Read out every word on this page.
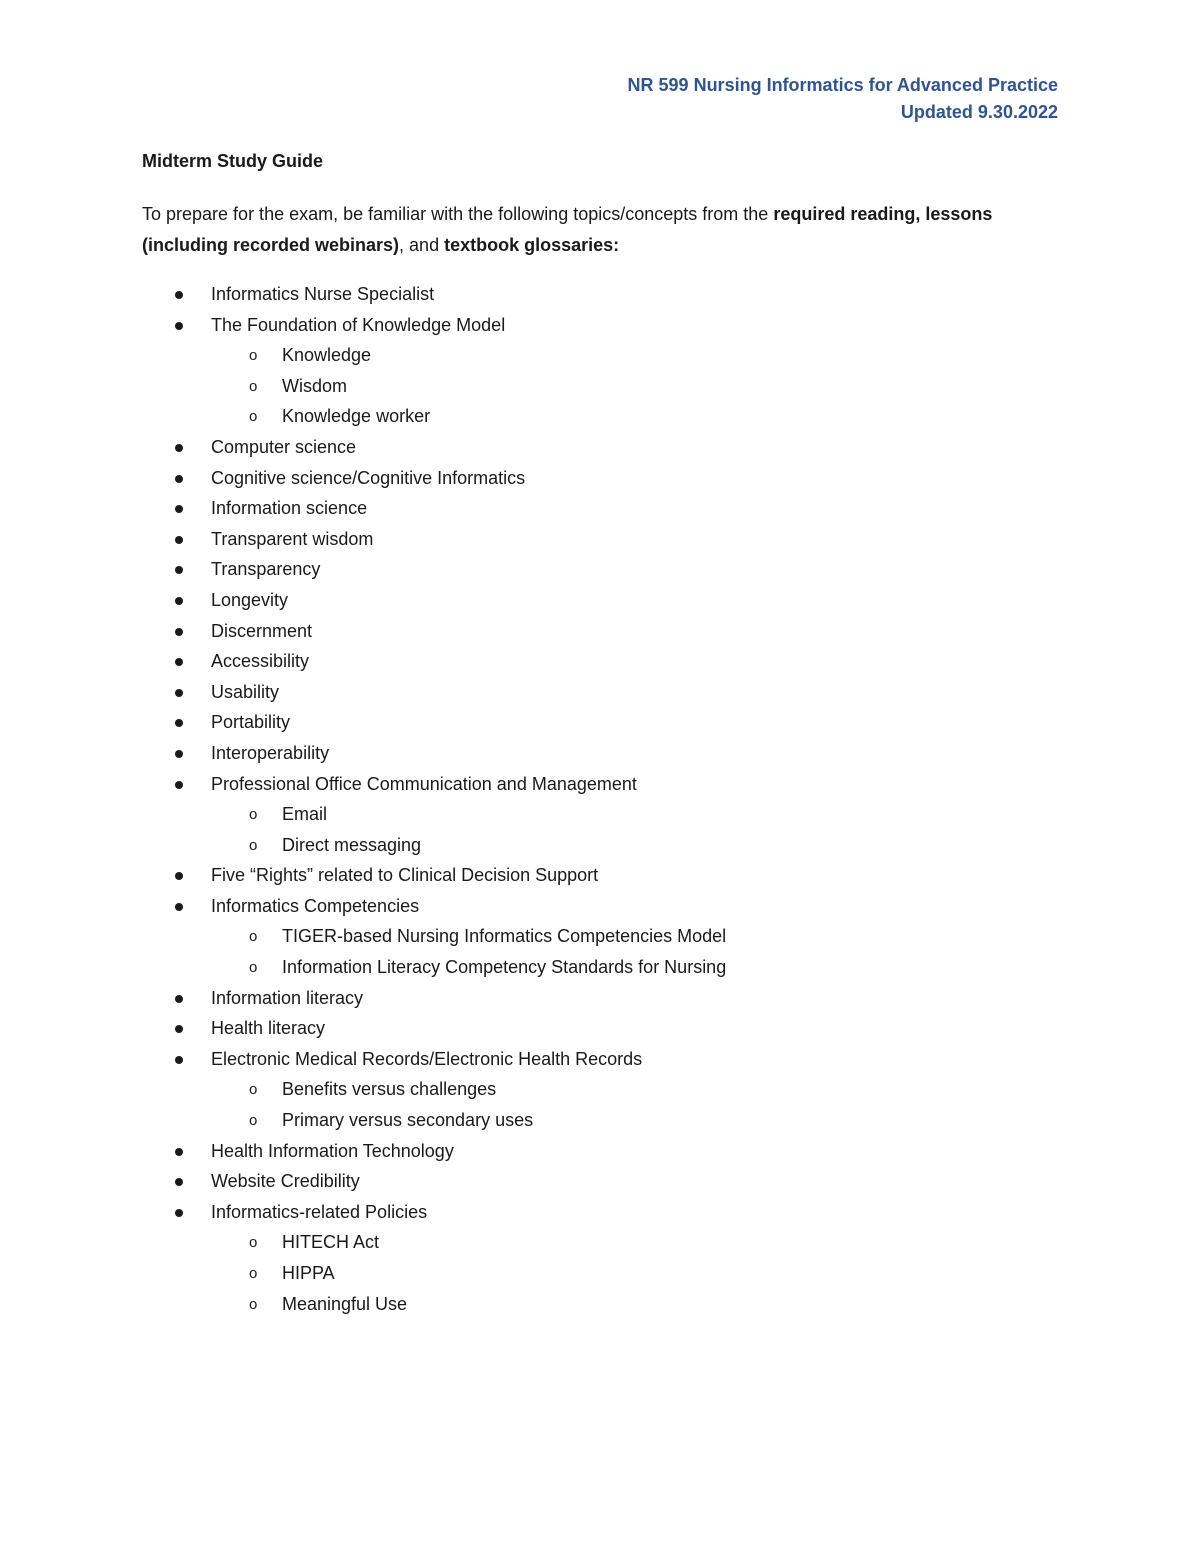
NR 599 Nursing Informatics for Advanced Practice
Updated 9.30.2022
Midterm Study Guide

To prepare for the exam, be familiar with the following topics/concepts from the required reading, lessons (including recorded webinars), and textbook glossaries:

Informatics Nurse Specialist
The Foundation of Knowledge Model
o Knowledge
o Wisdom
o Knowledge worker
Computer science
Cognitive science/Cognitive Informatics
Information science
Transparent wisdom
Transparency
Longevity
Discernment
Accessibility
Usability
Portability
Interoperability
Professional Office Communication and Management
o Email
o Direct messaging
Five “Rights” related to Clinical Decision Support
Informatics Competencies
o TIGER-based Nursing Informatics Competencies Model
o Information Literacy Competency Standards for Nursing
Information literacy
Health literacy
Electronic Medical Records/Electronic Health Records
o Benefits versus challenges
o Primary versus secondary uses
Health Information Technology
Website Credibility
Informatics-related Policies
o HITECH Act
o HIPPA
o Meaningful Use
